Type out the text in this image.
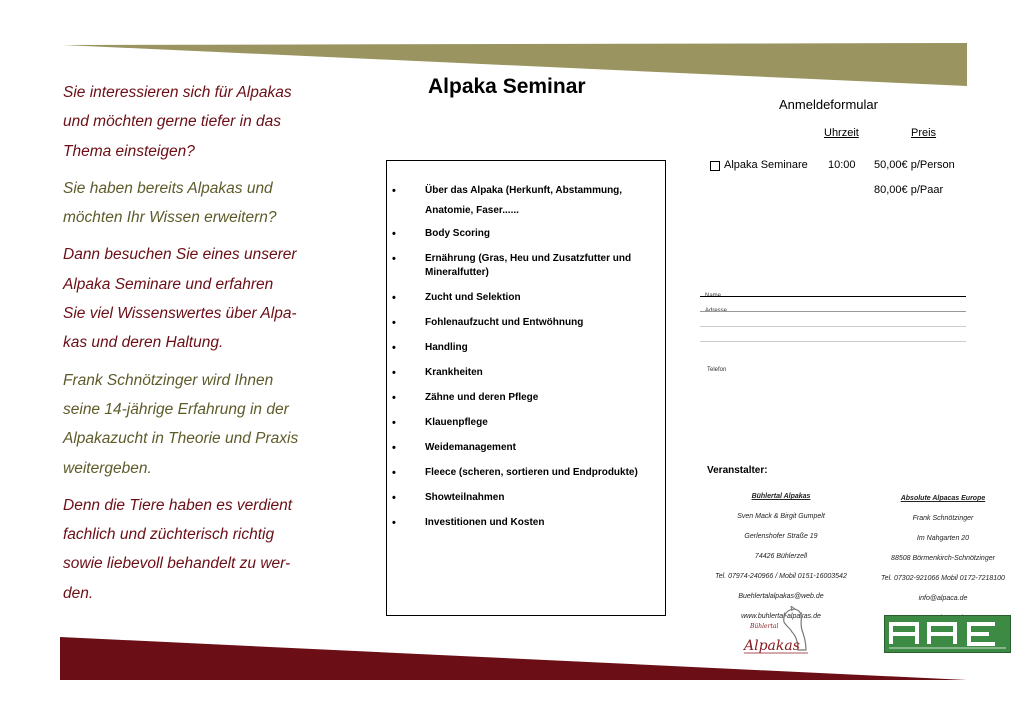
Sie interessieren sich für Alpakas
und möchten gerne tiefer in das
Thema einsteigen?

Sie haben bereits Alpakas und
möchten Ihr Wissen erweitern?

Dann besuchen Sie eines unserer
Alpaka Seminare und erfahren
Sie viel Wissenswertes über Alpa-
kas und deren Haltung.

Frank Schnötzinger wird Ihnen
seine 14-jährige Erfahrung in der
Alpakazucht in Theorie und Praxis
weitergeben.

Denn die Tiere haben es verdient
fachlich und züchterisch richtig
sowie liebevoll behandelt zu wer-
den.

Alpaka Seminar
•	Über das Alpaka (Herkunft, Abstammung,
Anatomie, Faser......
•	Body Scoring
•	Ernährung (Gras, Heu und Zusatzfutter und
Mineralfutter)
•	Zucht und Selektion
•	Fohlenaufzucht und Entwöhnung
•	Handling
•	Krankheiten
•	Zähne und deren Pflege
•	Klauenpflege
•	Weidemanagement
•	Fleece (scheren, sortieren und Endprodukte)
•	Showteilnahmen
•	Investitionen und Kosten
Anmeldeformular
Uhrzeit	Preis
Alpaka Seminare 10:00 50,00€ p/Person
80,00€ p/Paar
Name
Adresse
Telefon
Veranstalter:
Bühlertal Alpakas
Sven Mack & Birgit Gumpelt
Gerlenshofer Straße 19
74426 Bühlerzell
Tel. 07974-240966 / Mobil 0151-16003542
Buehlertalalpakas@web.de
www.buhlertal-alpakas.de
Absolute Alpacas Europe
Frank Schnötzinger
Im Nahgarten 20
88508 Börmenkirch-Schnötzinger
Tel. 07302-921066 Mobil 0172-7218100
info@alpaca.de
Bühlertal
Alpakas
